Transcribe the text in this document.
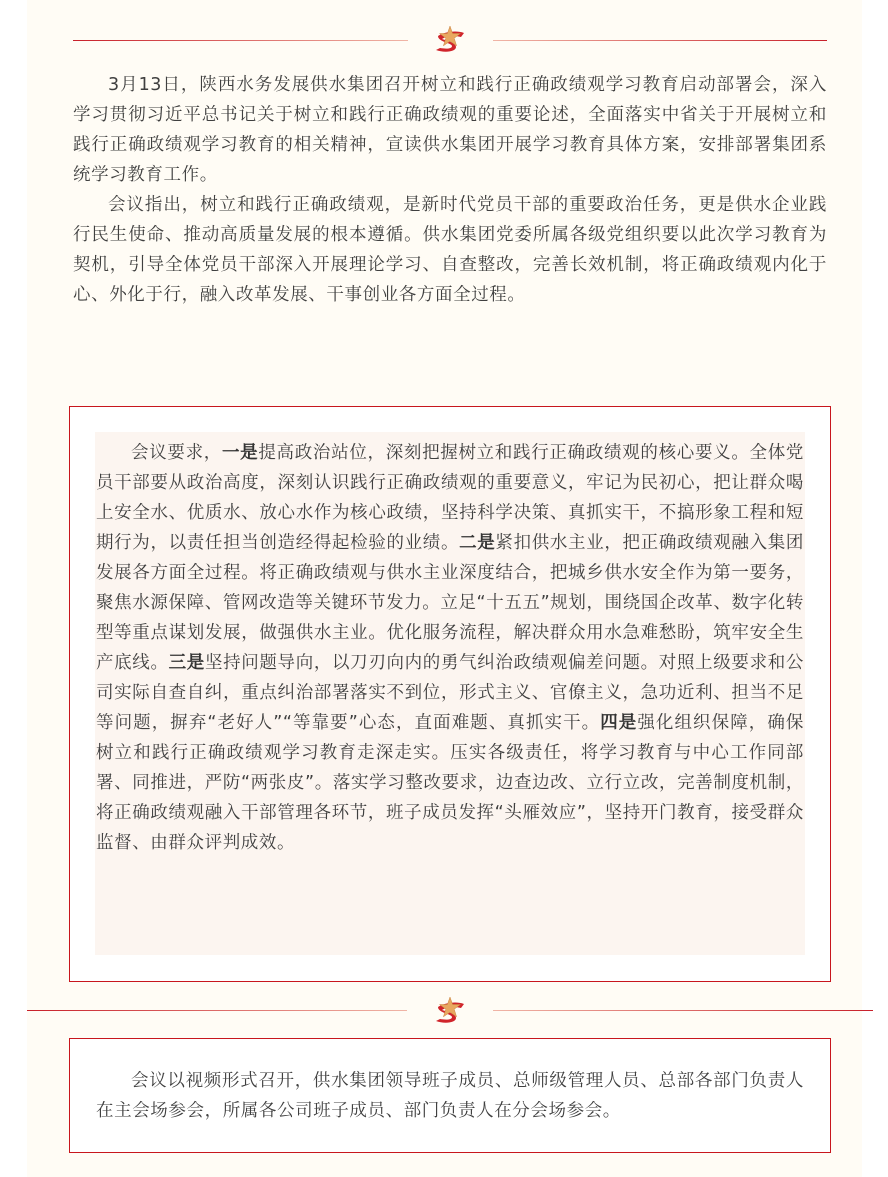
3月13日，陕西水务发展供水集团召开树立和践行正确政绩观学习教育启动部署会，深入学习贯彻习近平总书记关于树立和践行正确政绩观的重要论述，全面落实中省关于开展树立和践行正确政绩观学习教育的相关精神，宣读供水集团开展学习教育具体方案，安排部署集团系统学习教育工作。

会议指出，树立和践行正确政绩观，是新时代党员干部的重要政治任务，更是供水企业践行民生使命、推动高质量发展的根本遵循。供水集团党委所属各级党组织要以此次学习教育为契机，引导全体党员干部深入开展理论学习、自查整改，完善长效机制，将正确政绩观内化于心、外化于行，融入改革发展、干事创业各方面全过程。

会议要求，一是提高政治站位，深刻把握树立和践行正确政绩观的核心要义。全体党员干部要从政治高度，深刻认识践行正确政绩观的重要意义，牢记为民初心，把让群众喝上安全水、优质水、放心水作为核心政绩，坚持科学决策、真抓实干，不搞形象工程和短期行为，以责任担当创造经得起检验的业绩。二是紧扣供水主业，把正确政绩观融入集团发展各方面全过程。将正确政绩观与供水主业深度结合，把城乡供水安全作为第一要务，聚焦水源保障、管网改造等关键环节发力。立足“十五五”规划，围绕国企改革、数字化转型等重点谋划发展，做强供水主业。优化服务流程，解决群众用水急难愁盼，筑牢安全生产底线。三是坚持问题导向，以刀刃向内的勇气纠治政绩观偏差问题。对照上级要求和公司实际自查自纠，重点纠治部署落实不到位，形式主义、官僚主义，急功近利、担当不足等问题，摒弃“老好人”“等靠要”心态，直面难题、真抓实干。四是强化组织保障，确保树立和践行正确政绩观学习教育走深走实。压实各级责任，将学习教育与中心工作同部署、同推进，严防“两张皮”。落实学习整改要求，边查边改、立行立改，完善制度机制，将正确政绩观融入干部管理各环节，班子成员发挥“头雁效应”，坚持开门教育，接受群众监督、由群众评判成效。

会议以视频形式召开，供水集团领导班子成员、总师级管理人员、总部各部门负责人在主会场参会，所属各公司班子成员、部门负责人在分会场参会。
